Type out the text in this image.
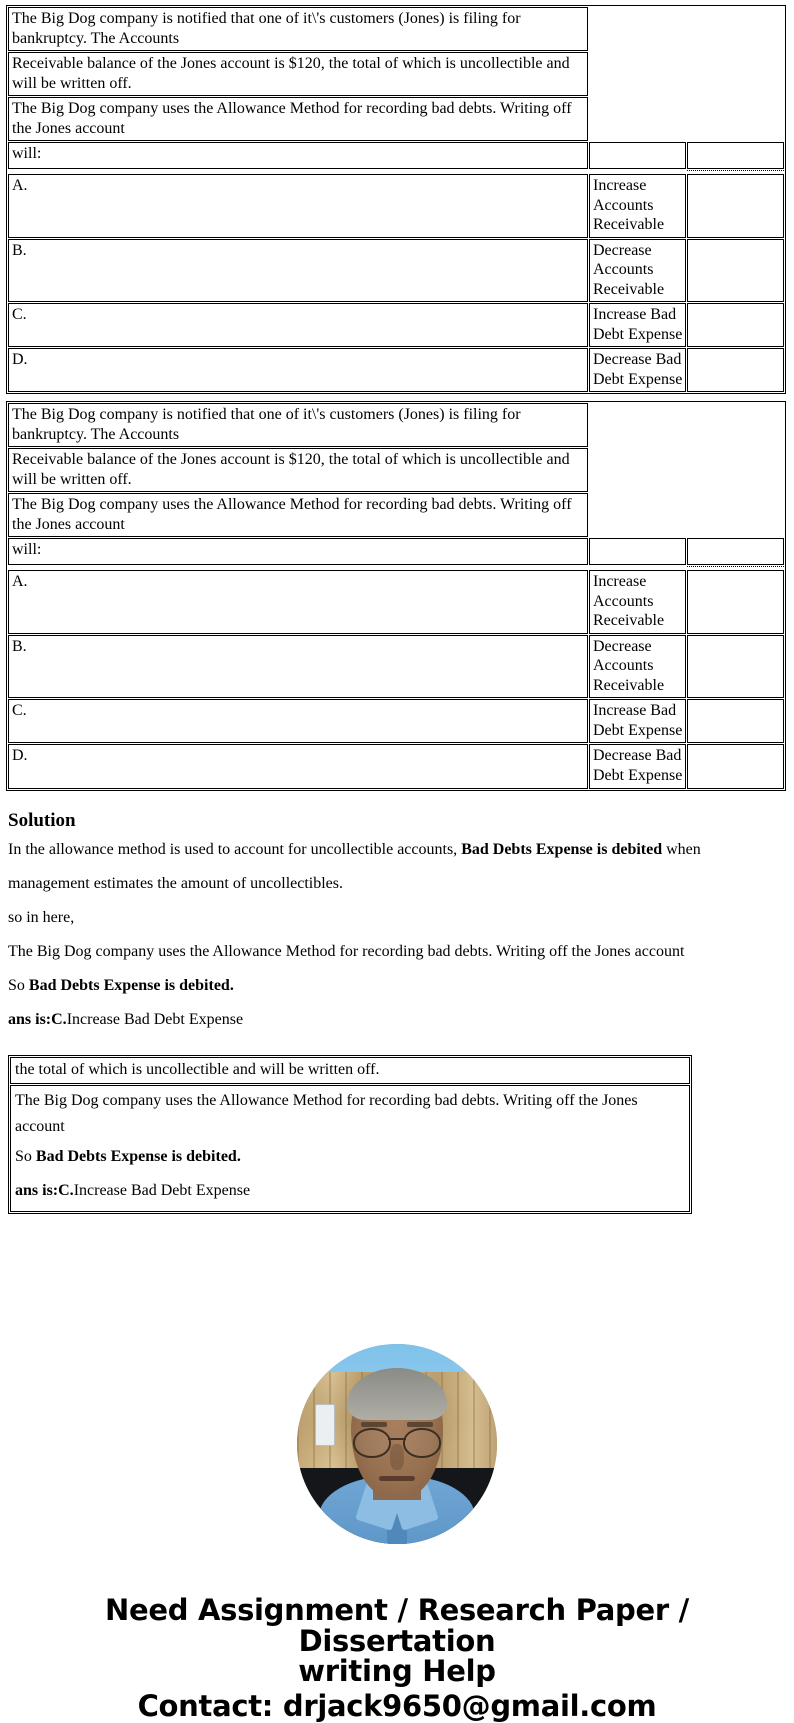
The Big Dog company is notified that one of it\'s customers (Jones) is filing for bankruptcy. The Accounts	
Receivable balance of the Jones account is $120, the total of which is uncollectible and will be written off.
The Big Dog company uses the Allowance Method for recording bad debts. Writing off the Jones account
will:		

A.	Increase Accounts Receivable	

B.	Decrease Accounts Receivable	

C.	Increase Bad Debt Expense	

D.	Decrease Bad Debt Expense	

The Big Dog company is notified that one of it\'s customers (Jones) is filing for bankruptcy. The Accounts	
Receivable balance of the Jones account is $120, the total of which is uncollectible and will be written off.
The Big Dog company uses the Allowance Method for recording bad debts. Writing off the Jones account
will:		

A.	Increase Accounts Receivable	

B.	Decrease Accounts Receivable	

C.	Increase Bad Debt Expense	

D.	Decrease Bad Debt Expense	

Solution

In the allowance method is used to account for uncollectible accounts, Bad Debts Expense is debited when

management estimates the amount of uncollectibles.

so in here,

The Big Dog company uses the Allowance Method for recording bad debts. Writing off the Jones account

So Bad Debts Expense is debited.

ans is:C.Increase Bad Debt Expense

the total of which is uncollectible and will be written off.

The Big Dog company uses the Allowance Method for recording bad debts. Writing off the Jones account

So Bad Debts Expense is debited.

ans is:C.Increase Bad Debt Expense

Need Assignment / Research Paper / Dissertation
writing Help
Contact: drjack9650@gmail.com
